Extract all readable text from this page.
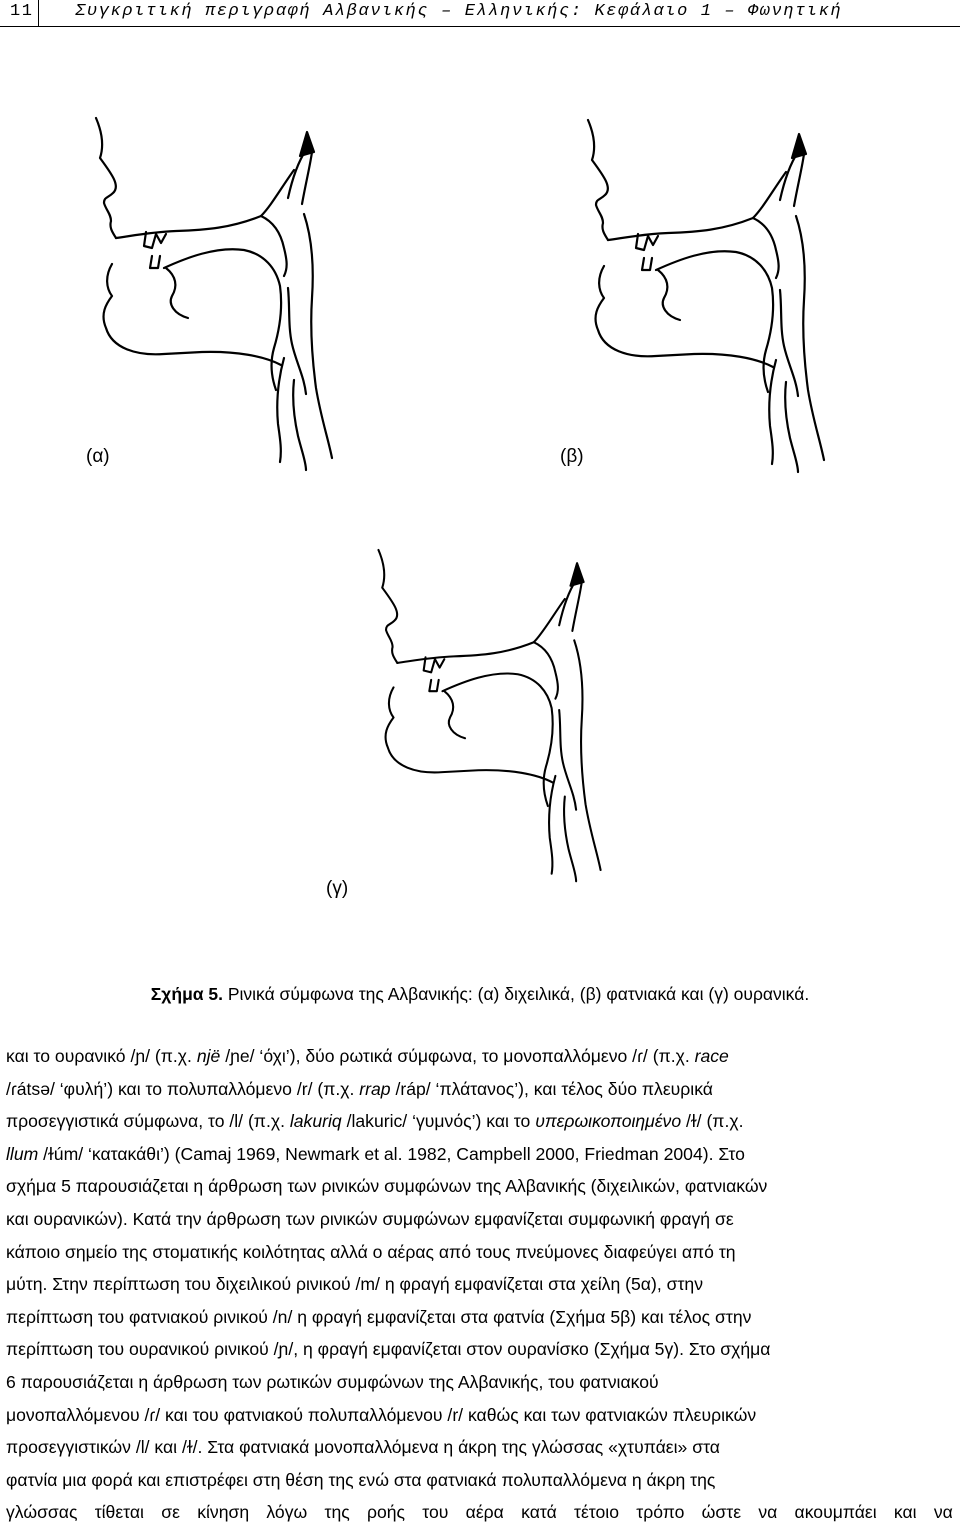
11 Συγκριτική περιγραφή Αλβανικής – Ελληνικής: Κεφάλαιο 1 – Φωνητική
(α)	(β)
(γ)
Σχήμα 5. Ρινικά σύμφωνα της Αλβανικής: (α) διχειλικά, (β) φατνιακά και (γ) ουρανικά.
και το ουρανικό /ɲ/ (π.χ. një /ɲe/ ‘όχι’), δύο ρωτικά σύμφωνα, το μονοπαλλόμενο /ɾ/ (π.χ. race
/ɾátsə/ ‘φυλή’) και το πολυπαλλόμενο /r/ (π.χ. rrap /ráp/ ‘πλάτανος’), και τέλος δύο πλευρικά
προσεγγιστικά σύμφωνα, το /l/ (π.χ. lakuriq /lakuric/ ‘γυμνός’) και το υπερωικοποιημένο /ɫ/ (π.χ.
llum /ɫúm/ ‘κατακάθι’) (Camaj 1969, Newmark et al. 1982, Campbell 2000, Friedman 2004). Στο
σχήμα 5 παρουσιάζεται η άρθρωση των ρινικών συμφώνων της Αλβανικής (διχειλικών, φατνιακών
και ουρανικών). Κατά την άρθρωση των ρινικών συμφώνων εμφανίζεται συμφωνική φραγή σε
κάποιο σημείο της στοματικής κοιλότητας αλλά ο αέρας από τους πνεύμονες διαφεύγει από τη
μύτη. Στην περίπτωση του διχειλικού ρινικού /m/ η φραγή εμφανίζεται στα χείλη (5α), στην
περίπτωση του φατνιακού ρινικού /n/ η φραγή εμφανίζεται στα φατνία (Σχήμα 5β) και τέλος στην
περίπτωση του ουρανικού ρινικού /ɲ/, η φραγή εμφανίζεται στον ουρανίσκο (Σχήμα 5γ). Στο σχήμα
6 παρουσιάζεται η άρθρωση των ρωτικών συμφώνων της Αλβανικής, του φατνιακού
μονοπαλλόμενου /ɾ/ και του φατνιακού πολυπαλλόμενου /r/ καθώς και των φατνιακών πλευρικών
προσεγγιστικών /l/ και /ɫ/. Στα φατνιακά μονοπαλλόμενα η άκρη της γλώσσας «χτυπάει» στα
φατνία μια φορά και επιστρέφει στη θέση της ενώ στα φατνιακά πολυπαλλόμενα η άκρη της
γλώσσας τίθεται σε κίνηση λόγω της ροής του αέρα κατά τέτοιο τρόπο ώστε να ακουμπάει και να
